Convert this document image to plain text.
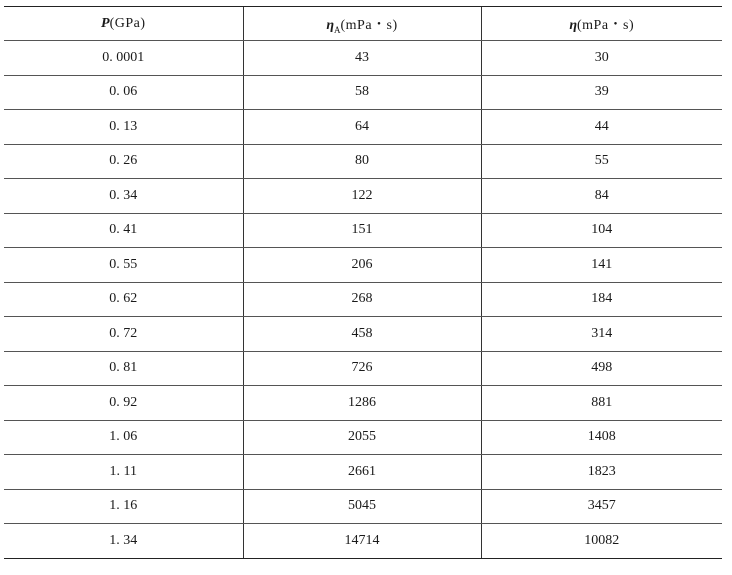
P(GPa)	$\eta_A(mPa$・s)	η(mPa・s)
0. 0001	43	30
0. 06	58	39
0. 13	64	44
0. 26	80	55
0. 34	122	84
0. 41	151	104
0. 55	206	141
0. 62	268	184
0. 72	458	314
0. 81	726	498
0. 92	1286	881
1. 06	2055	1408
1. 11	2661	1823
1. 16	5045	3457
1. 34	14714	10082
